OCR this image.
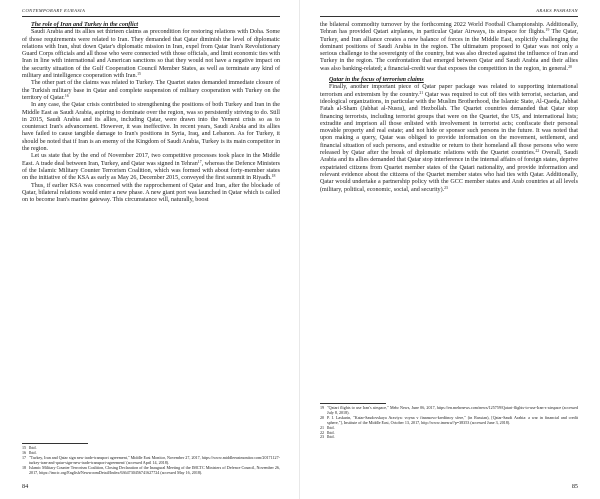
CONTEMPORARY EURASIA

The role of Iran and Turkey in the conflict

Saudi Arabia and its allies set thirteen claims as precondition for restoring relations with Doha. Some of those requirements were related to Iran. They demanded that Qatar diminish the level of diplomatic relations with Iran, shut down Qatar's diplomatic mission in Iran, expel from Qatar Iran's Revolutionary Guard Corps officials and all those who were connected with those officials, and limit economic ties with Iran in line with international and American sanctions so that they would not have a negative impact on the security situation of the Gulf Cooperation Council Member States, as well as terminate any kind of military and intelligence cooperation with Iran.$^{15}$

The other part of the claims was related to Turkey. The Quartet states demanded immediate closure of the Turkish military base in Qatar and complete suspension of military cooperation with Turkey on the territory of Qatar.$^{16}$

In any case, the Qatar crisis contributed to strengthening the positions of both Turkey and Iran in the Middle East as Saudi Arabia, aspiring to dominate over the region, was so persistently striving to do. Still in 2015, Saudi Arabia and its allies, including Qatar, were drawn into the Yemeni crisis so as to counteract Iran's advancement. However, it was ineffective. In recent years, Saudi Arabia and its allies have failed to cause tangible damage to Iran's positions in Syria, Iraq, and Lebanon. As for Turkey, it should be noted that if Iran is an enemy of the Kingdom of Saudi Arabia, Turkey is its main competitor in the region.

Let us state that by the end of November 2017, two competitive processes took place in the Middle East. A trade deal between Iran, Turkey, and Qatar was signed in Tehran$^{17}$, whereas the Defence Ministers of the Islamic Military Counter Terrorism Coalition, which was formed with about forty-member states on the initiative of the KSA as early as May 26, December 2015, conveyed the first summit in Riyadh.$^{18}$

Thus, if earlier KSA was concerned with the rapprochement of Qatar and Iran, after the blockade of Qatar, bilateral relations would enter a new phase. A new giant port was launched in Qatar which is called on to become Iran's marine gateway. This circumstance will, naturally, boost

15 Ibid.

16 Ibid.

17 "Turkey, Iran and Qatar sign new trade-transport agreement," Middle East Monitor, November 27, 2017, https://www.middleeastmonitor.com/20171127-turkey-iran-and-qatar-sign-new-trade-transport-agreement/ (accessed April 14, 2018).

18 Islamic Military Counter Terrorism Coalition, Closing Declaration of the Inaugural Meeting of the IMCTC Ministers of Defence Council, November 26, 2017, https://imctc.org/English/NewsroomDetail/Index/6364730456741627724 (accessed May 16, 2018).

84
ARAKS PASHAYAN

the bilateral commodity turnover by the forthcoming 2022 World Football Championship. Additionally, Tehran has provided Qatari airplanes, in particular Qatar Airways, its airspace for flights.$^{19}$ The Qatar, Turkey, and Iran alliance creates a new balance of forces in the Middle East, explicitly challenging the dominant positions of Saudi Arabia in the region. The ultimatum proposed to Qatar was not only a serious challenge to the sovereignty of the country, but was also directed against the influence of Iran and Turkey in the region. The confrontation that emerged between Qatar and Saudi Arabia and their allies was also banking-related; a financial-credit war that exposes the competition in the region, in general.$^{20}$

Qatar in the focus of terrorism claims

Finally, another important piece of Qatar paper package was related to supporting international terrorism and extremism by the country.$^{21}$ Qatar was required to cut off ties with terrorist, sectarian, and ideological organizations, in particular with the Muslim Brotherhood, the Islamic State, Al-Qaeda, Jabhat Fatah al-Sham (Jabhat al-Nusra), and Hezbollah. The Quartet countries demanded that Qatar stop financing terrorists, including terrorist groups that were on the Quartet, the US, and international lists; extradite and imprison all those enlisted with involvement in terrorist acts; confiscate their personal movable property and real estate; and not hide or sponsor such persons in the future. It was noted that upon making a query, Qatar was obliged to provide information on the movement, settlement, and financial situation of such persons, and extradite or return to their homeland all those persons who were released by Qatar after the break of diplomatic relations with the Quartet countries.$^{22}$ Overall, Saudi Arabia and its allies demanded that Qatar stop interference in the internal affairs of foreign states, deprive expatriated citizens from Quartet member states of the Qatari nationality, and provide information and relevant evidence about the citizens of the Quartet member states who had ties with Qatar. Additionally, Qatar would undertake a partnership policy with the GCC member states and Arab countries at all levels (military, political, economic, social, and security).$^{23}$

19 "Qatari flights to use Iran's airspace," Mehr News, June 06, 2017, https://en.mehrnews.com/news/125759/Qatari-flights-to-use-Iran-s-airspace (accessed July 8, 2018).

20 P. I. Laskarin, "Katar-Saudovskaya Araviya: voyna v finansovo-kreditnoy sfere," (in Russian), [Qatar-Saudi Arabia: a war in financial and credit sphere,"], Institute of the Middle East, October 13, 2017, http://www.imesru/?p=38353 (accessed June 3, 2018).

21 Ibid.

22 Ibid.

23 Ibid.

85
